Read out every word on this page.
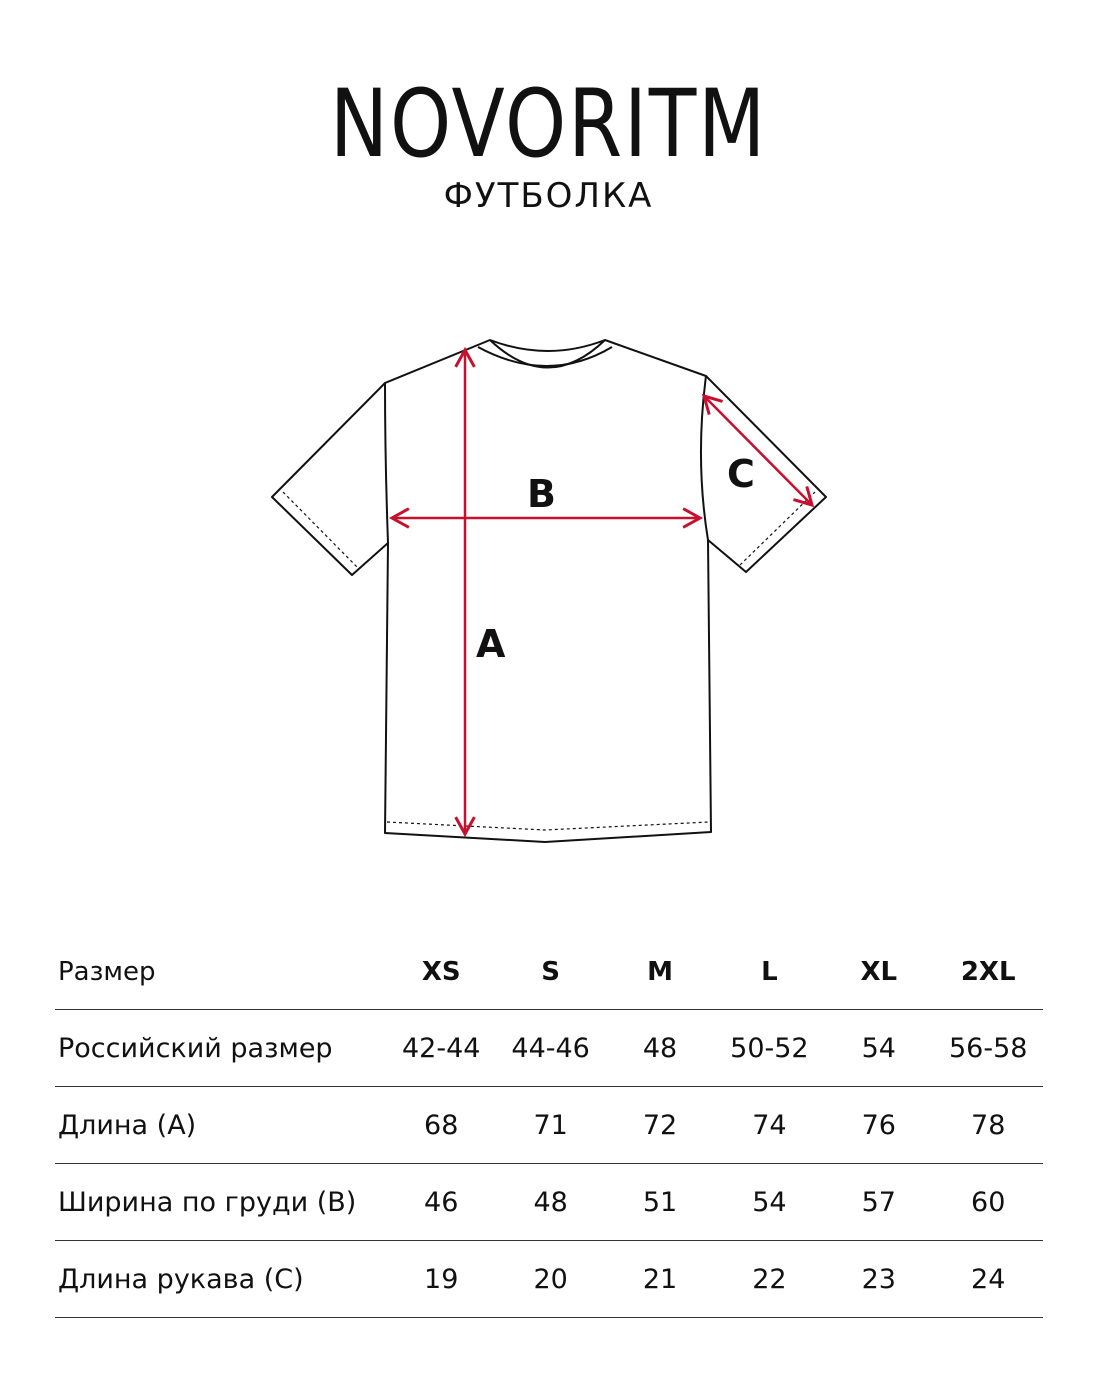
NOVORITM
ФУТБОЛКА
B
A
C
Размер	XS	S	M	L	XL	2XL
Российский размер	42-44	44-46	48	50-52	54	56-58
Длина (A)	68	71	72	74	76	78
Ширина по груди (B)	46	48	51	54	57	60
Длина рукава (C)	19	20	21	22	23	24
